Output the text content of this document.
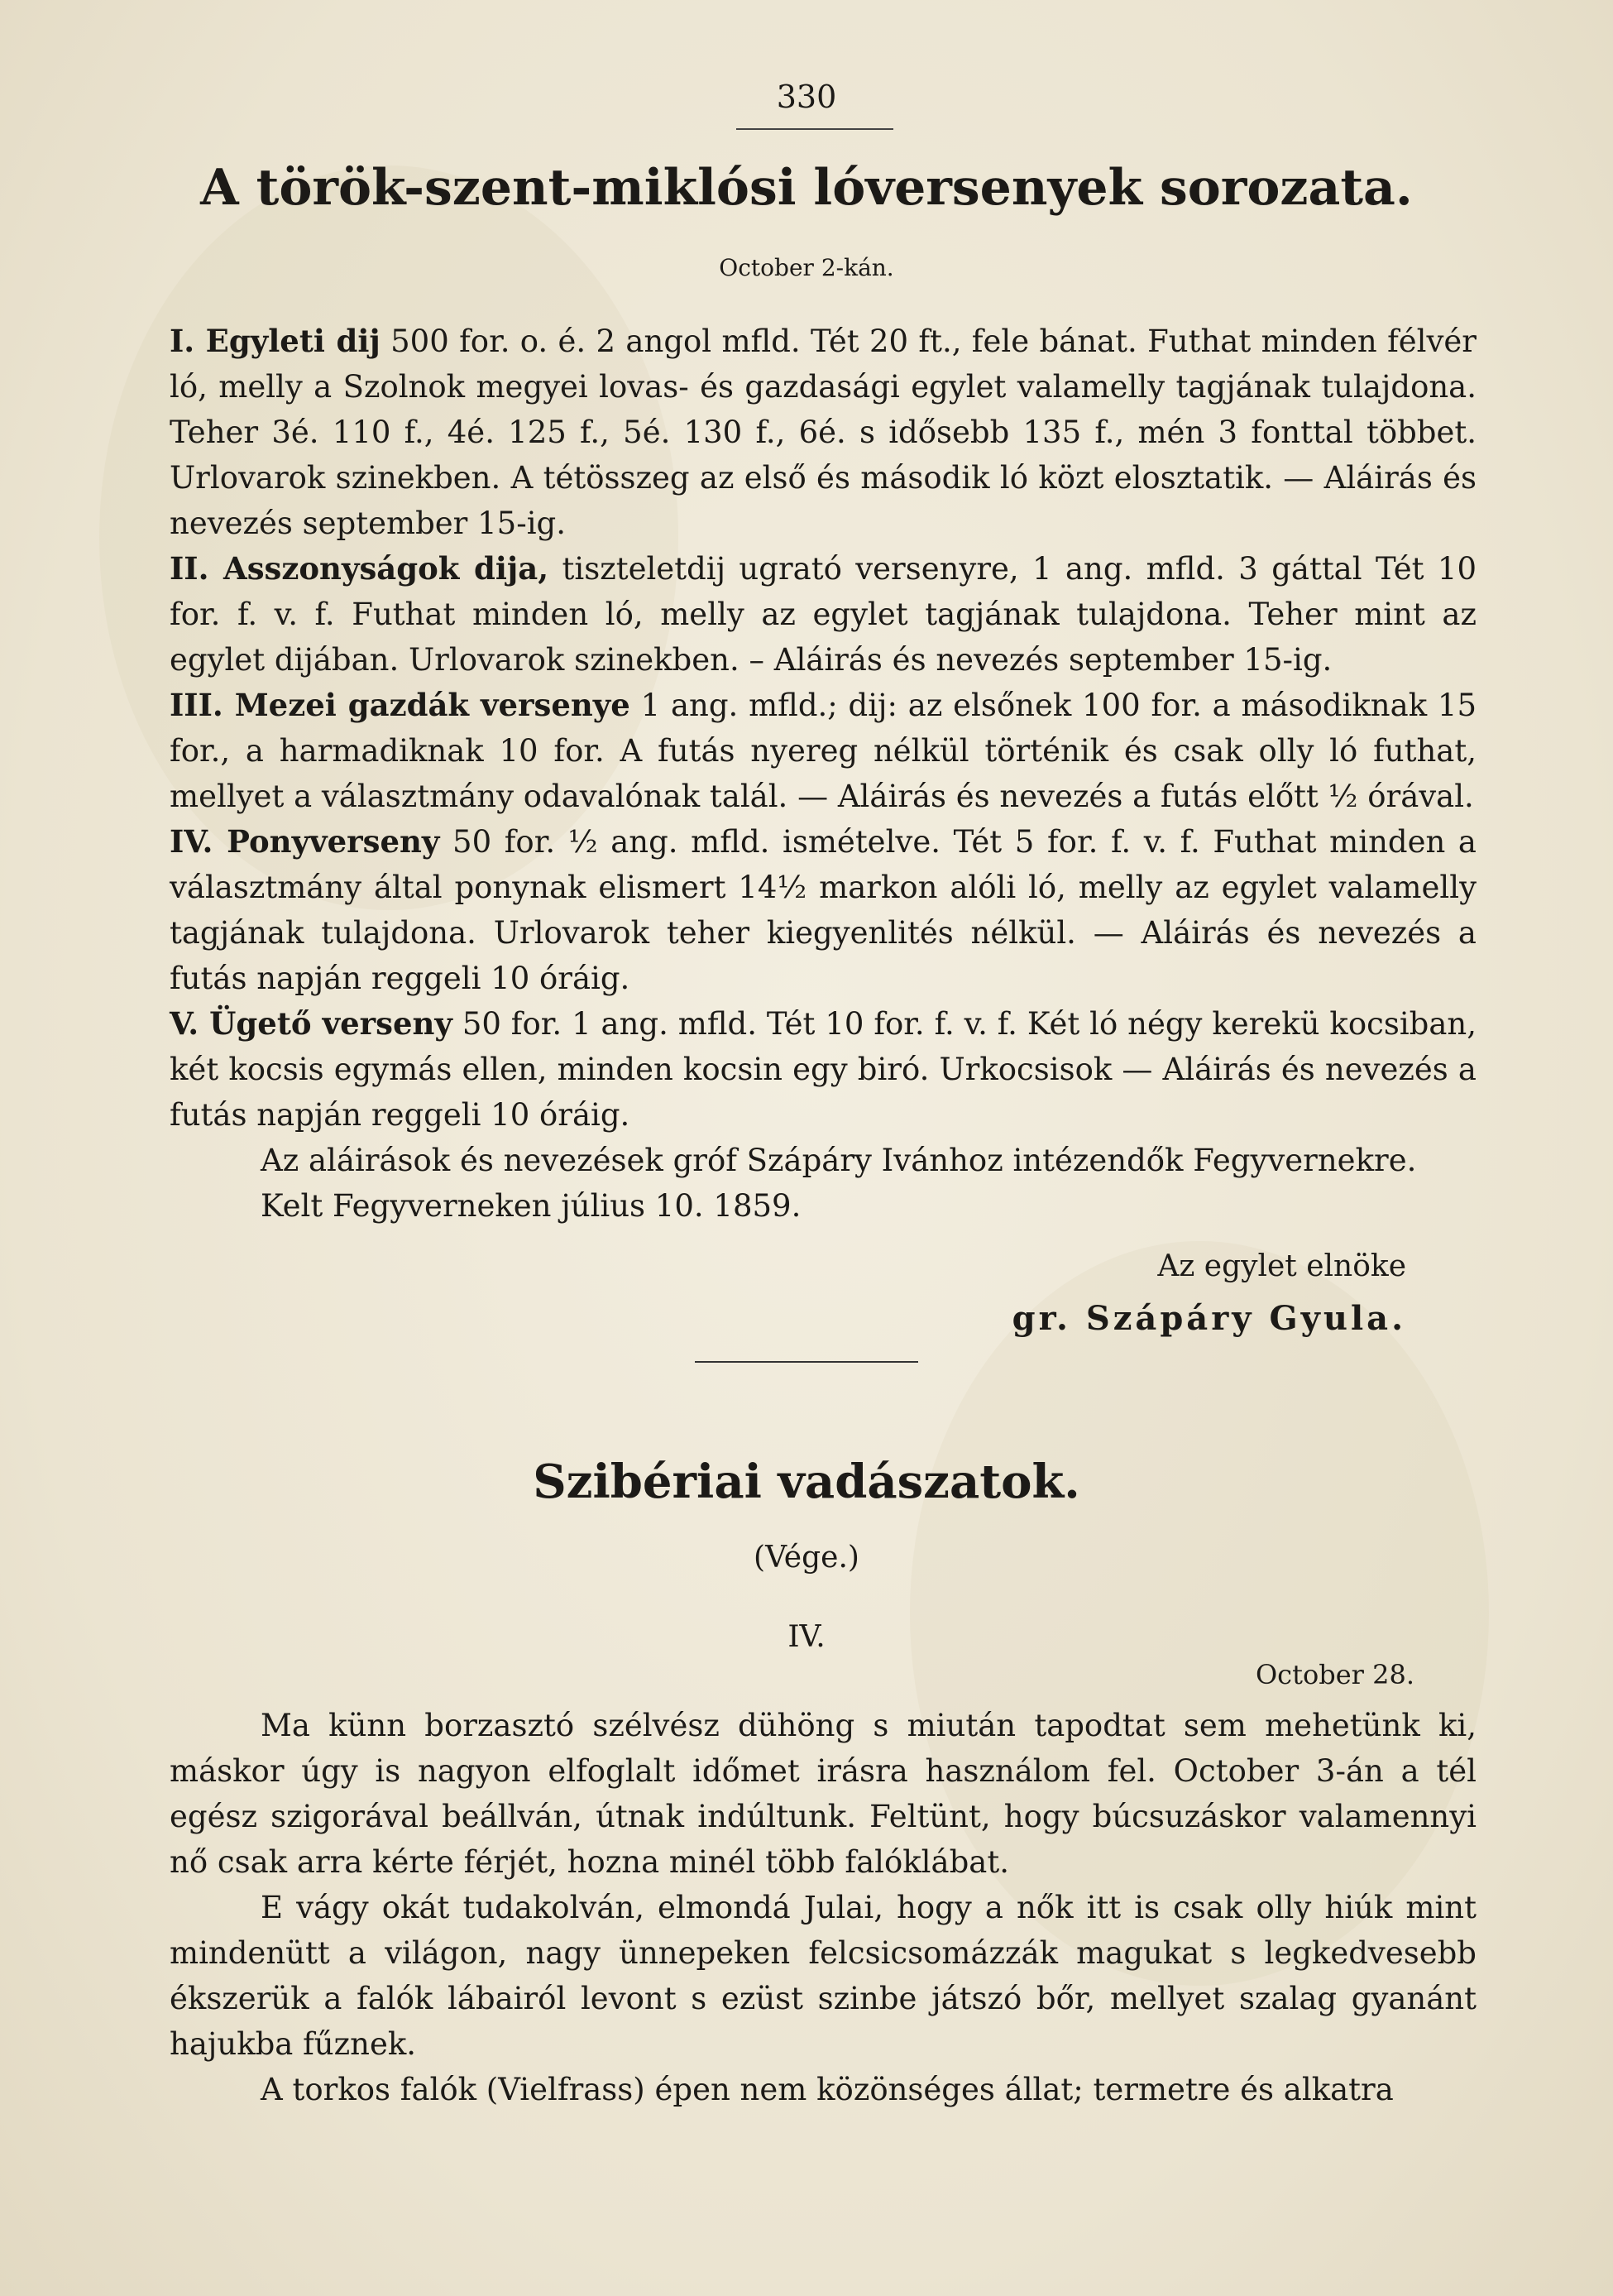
330
A török-szent-miklósi lóversenyek sorozata.
October 2-kán.

I. Egyleti dij 500 for. o. é. 2 angol mfld. Tét 20 ft., fele bánat. Futhat minden félvér ló, melly a Szolnok megyei lovas- és gazdasági egylet valamelly tagjának tulajdona. Teher 3é. 110 f., 4é. 125 f., 5é. 130 f., 6é. s idősebb 135 f., mén 3 fonttal többet. Urlovarok szinekben. A tétösszeg az első és második ló közt elosztatik. — Aláirás és nevezés september 15-ig.

II. Asszonyságok dija, tiszteletdij ugrató versenyre, 1 ang. mfld. 3 gáttal Tét 10 for. f. v. f. Futhat minden ló, melly az egylet tagjának tulajdona. Teher mint az egylet dijában. Urlovarok szinekben. – Aláirás és nevezés september 15-ig.

III. Mezei gazdák versenye 1 ang. mfld.; dij: az elsőnek 100 for. a másodiknak 15 for., a harmadiknak 10 for. A futás nyereg nélkül történik és csak olly ló futhat, mellyet a választmány odavalónak talál. — Aláirás és nevezés a futás előtt ½ órával.

IV. Ponyverseny 50 for. ½ ang. mfld. ismételve. Tét 5 for. f. v. f. Futhat minden a választmány által ponynak elismert 14½ markon alóli ló, melly az egylet valamelly tagjának tulajdona. Urlovarok teher kiegyenlités nélkül. — Aláirás és nevezés a futás napján reggeli 10 óráig.

V. Ügető verseny 50 for. 1 ang. mfld. Tét 10 for. f. v. f. Két ló négy kerekü kocsiban, két kocsis egymás ellen, minden kocsin egy biró. Urkocsisok — Aláirás és nevezés a futás napján reggeli 10 óráig.

Az aláirások és nevezések gróf Szápáry Ivánhoz intézendők Fegyvernekre.

Kelt Fegyverneken július 10. 1859.

Az egylet elnöke
gr. Szápáry Gyula.
Szibériai vadászatok.
(Vége.)
IV.
October 28.

Ma künn borzasztó szélvész dühöng s miután tapodtat sem mehetünk ki, máskor úgy is nagyon elfoglalt időmet irásra használom fel. October 3-án a tél egész szigorával beállván, útnak indúltunk. Feltünt, hogy búcsuzáskor valamennyi nő csak arra kérte férjét, hozna minél több falóklábat.

E vágy okát tudakolván, elmondá Julai, hogy a nők itt is csak olly hiúk mint mindenütt a világon, nagy ünnepeken felcsicsomázzák magukat s legkedvesebb ékszerük a falók lábairól levont s ezüst szinbe játszó bőr, mellyet szalag gyanánt hajukba fűznek.

A torkos falók (Vielfrass) épen nem közönséges állat; termetre és alkatra
